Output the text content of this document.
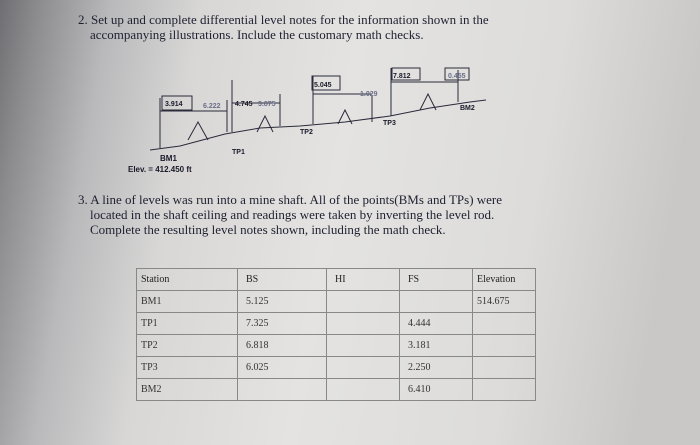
2. Set up and complete differential level notes for the information shown in the
accompanying illustrations. Include the customary math checks.
3.914	6.222 4.745 3.875
5.045
1.029
7.812	0.455
TP1
TP2
TP3
BM2
BM1
Elev. = 412.450 ft
3. A line of levels was run into a mine shaft. All of the points(BMs and TPs) were
located in the shaft ceiling and readings were taken by inverting the level rod.
Complete the resulting level notes shown, including the math check.
Station	BS	HI	FS	Elevation
BM1	5.125			514.675
TP1	7.325		4.444	
TP2	6.818		3.181	
TP3	6.025		2.250	
BM2			6.410	
